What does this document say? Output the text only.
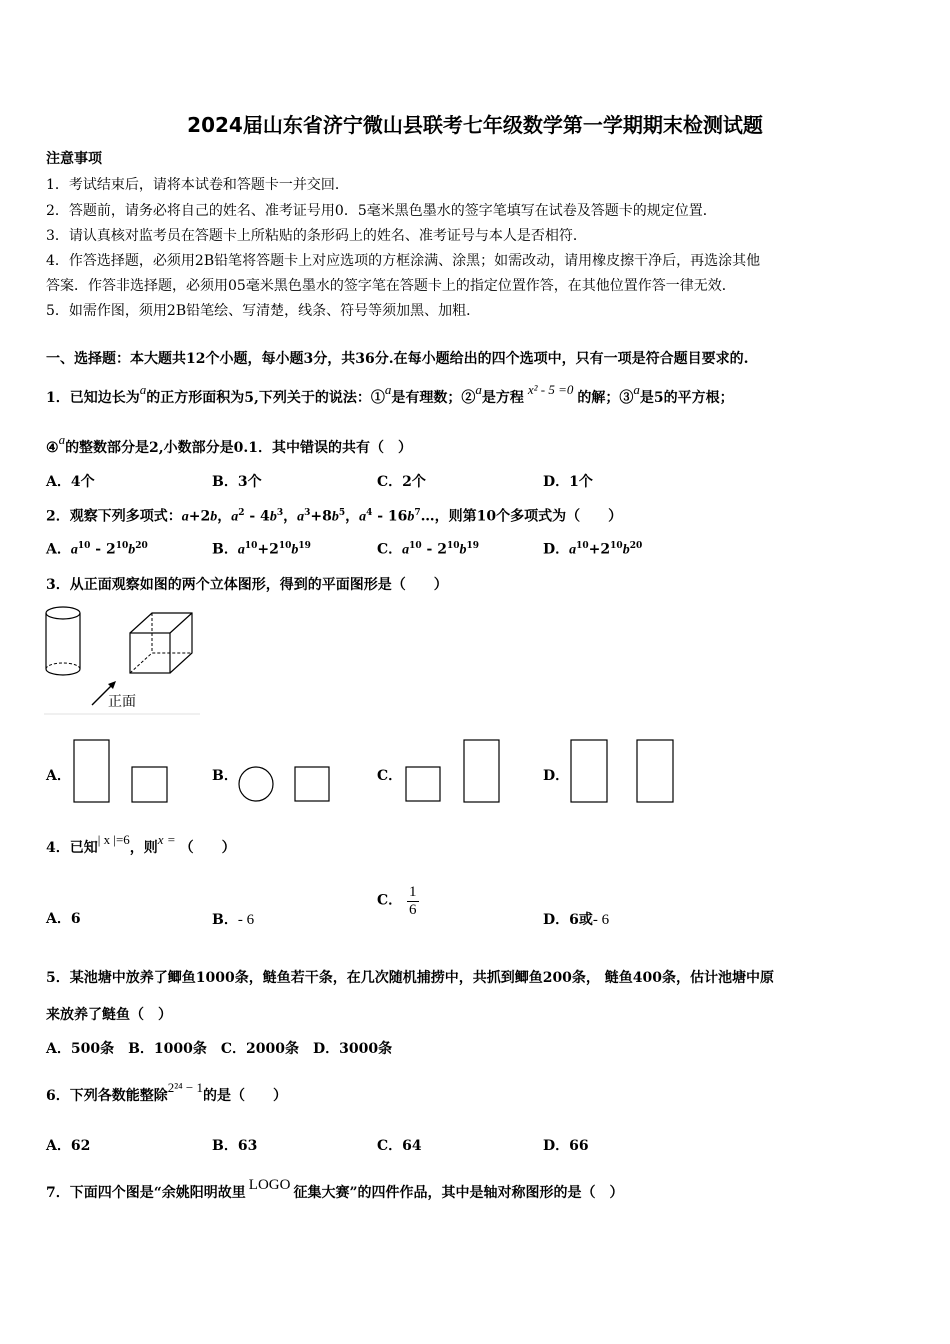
2024届山东省济宁微山县联考七年级数学第一学期期末检测试题
注意事项
1．考试结束后，请将本试卷和答题卡一并交回．
2．答题前，请务必将自己的姓名、准考证号用0．5毫米黑色墨水的签字笔填写在试卷及答题卡的规定位置．
3．请认真核对监考员在答题卡上所粘贴的条形码上的姓名、准考证号与本人是否相符．
4．作答选择题，必须用2B铅笔将答题卡上对应选项的方框涂满、涂黑；如需改动，请用橡皮擦干净后，再选涂其他
答案．作答非选择题，必须用05毫米黑色墨水的签字笔在答题卡上的指定位置作答，在其他位置作答一律无效．
5．如需作图，须用2B铅笔绘、写清楚，线条、符号等须加黑、加粗．
一、选择题：本大题共12个小题，每小题3分，共36分.在每小题给出的四个选项中，只有一项是符合题目要求的.
1．已知边长为a的正方形面积为5,下列关于的说法：①a是有理数；②a是方程x² - 5 =0的解；③a是5的平方根；
④a的整数部分是2,小数部分是0.1．其中错误的共有（　）
A．4个	B．3个	C．2个	D．1个
2．观察下列多项式：a+2b，$a^2 - 4b^3$，$a^3+8b^5$，$a^4$ - $16b^7\dots$，则第10个多项式为（　　）
A．$a^{10} - 2^{10}b^{20}$	B．$a^{10}+2^{10}b^{19}$	C．$a^{10} - 2^{10}b^{19}$	D．$a^{10}+2^{10}b^{20}$
3．从正面观察如图的两个立体图形，得到的平面图形是（　　）
正面
A．	B．	C．	D．
4．已知| x |=6，则x =（　　）
A．6	B．- 6
C． $\frac{1}{6}$
D．6或- 6
5．某池塘中放养了鲫鱼1000条，鲢鱼若干条，在几次随机捕捞中，共抓到鲫鱼200条， 鲢鱼400条，估计池塘中原
来放养了鲢鱼（　）
A．500条　B．1000条　C．2000条　D．3000条
6．下列各数能整除2²⁴ − 1的是（　　）
A．62	B．63	C．64	D．66
7．下面四个图是“余姚阳明故里 LOGO 征集大赛”的四件作品，其中是轴对称图形的是（　）
